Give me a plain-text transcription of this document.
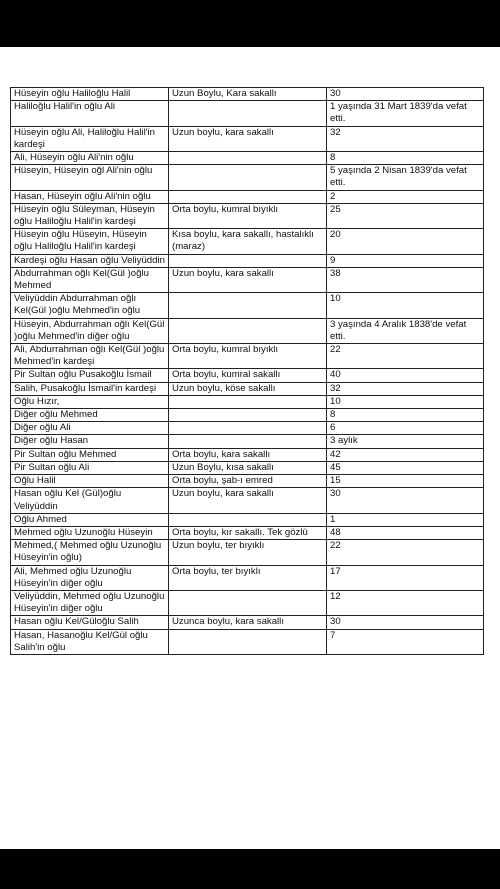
Hüseyin oğlu Haliloğlu Halil	Uzun Boylu, Kara sakallı	30
Haliloğlu Halil'in oğlu Ali		1 yaşında 31 Mart 1839'da vefat etti.
Hüseyin oğlu Ali, Haliloğlu Halil'in kardeşi	Uzun boylu, kara sakallı	32
Ali, Hüseyin oğlu Ali'nin oğlu		8
Hüseyin, Hüseyin oğl Ali'nin oğlu		5 yaşında 2 Nisan 1839'da vefat etti.
Hasan, Hüseyin oğlu Ali'nin oğlu		2
Hüseyin oğlu Süleyman, Hüseyin oğlu Haliloğlu Halil'in kardeşi	Orta boylu, kumral bıyıklı	25
Hüseyin oğlu Hüseyin, Hüseyin oğlu Haliloğlu Halil'in kardeşi	Kısa boylu, kara sakallı, hastalıklı (maraz)	20
Kardeşi oğlu Hasan oğlu Veliyüddin		9
Abdurrahman oğlı Kel(Gül )oğlu Mehmed	Uzun boylu, kara sakallı	38
Veliyüddin Abdurrahman oğlı Kel(Gül )oğlu Mehmed'in oğlu		10
Hüseyin, Abdurrahman oğlı Kel(Gül )oğlu Mehmed'in diğer oğlu		3 yaşında 4 Aralık 1838'de vefat etti.
Ali, Abdurrahman oğlı Kel(Gül )oğlu Mehmed'in kardeşi	Orta boylu, kumral bıyıklı	22
Pir Sultan oğlu Pusakoğlu İsmail	Orta boylu, kumral sakallı	40
Salih, Pusakoğlu İsmail'in kardeşi	Uzun boylu, köse sakallı	32
Oğlu Hızır,		10
Diğer oğlu Mehmed		8
Diğer oğlu Ali		6
Diğer oğlu Hasan		3 aylık
Pir Sultan oğlu Mehmed	Orta boylu, kara sakallı	42
Pir Sultan oğlu Ali	Uzun Boylu, kısa sakallı	45
Oğlu Halil	Orta boylu, şab-ı emred	15
Hasan oğlu Kel (Gül)oğlu Veliyüddin	Uzun boylu, kara sakallı	30
Oğlu Ahmed		1
Mehmed oğlu Uzunoğlu Hüseyin	Orta boylu, kır sakallı. Tek gözlü	48
Mehmed,( Mehmed oğlu Uzunoğlu Hüseyin'in oğlu)	Uzun boylu, ter bıyıklı	22
Ali, Mehmed oğlu Uzunoğlu Hüseyin'in diğer oğlu	Orta boylu, ter bıyıklı	17
Veliyüddin, Mehmed oğlu Uzunoğlu Hüseyin'in diğer oğlu		12
Hasan oğlu Kel/Güloğlu Salih	Uzunca boylu, kara sakallı	30
Hasan, Hasanoğlu Kel/Gül oğlu Salih'in oğlu		7
